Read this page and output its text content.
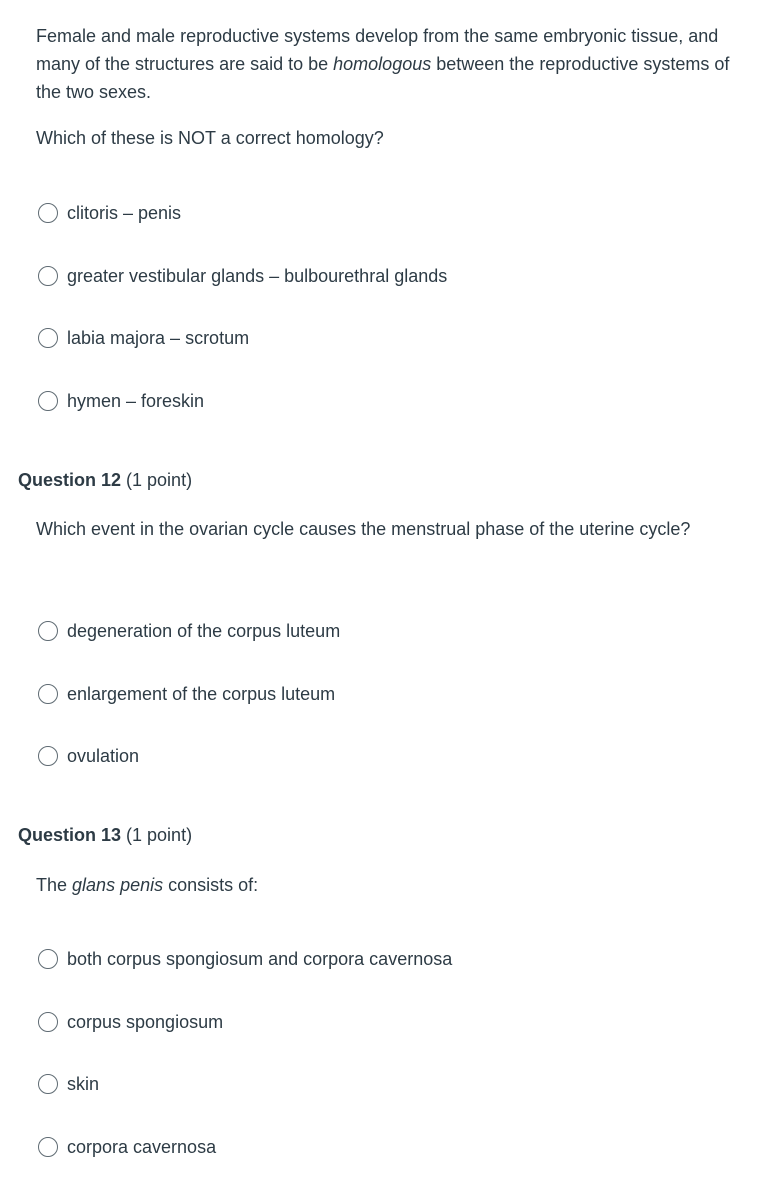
Female and male reproductive systems develop from the same embryonic tissue, and many of the structures are said to be homologous between the reproductive systems of the two sexes.

Which of these is NOT a correct homology?

clitoris – penis
greater vestibular glands – bulbourethral glands
labia majora – scrotum
hymen – foreskin

Question 12 (1 point)

Which event in the ovarian cycle causes the menstrual phase of the uterine cycle?

degeneration of the corpus luteum
enlargement of the corpus luteum
ovulation

Question 13 (1 point)

The glans penis consists of:

both corpus spongiosum and corpora cavernosa
corpus spongiosum
skin
corpora cavernosa
